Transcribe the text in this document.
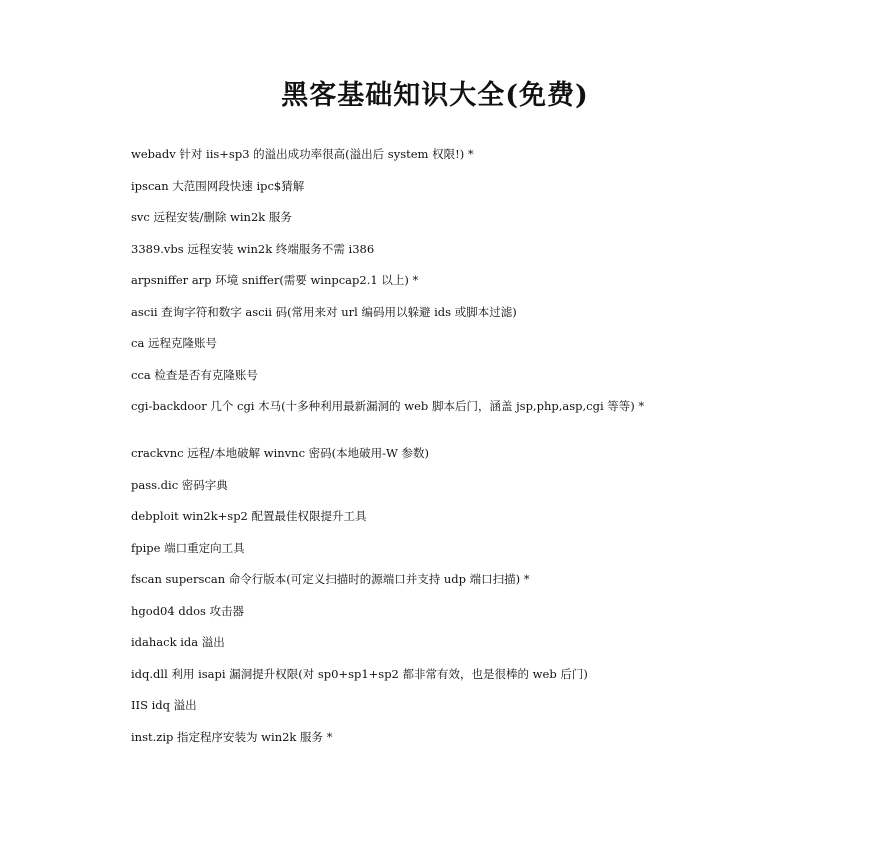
黑客基础知识大全(免费)
webadv 针对 iis+sp3 的溢出成功率很高(溢出后 system 权限!) *
ipscan 大范围网段快速 ipc$猜解
svc 远程安装/删除 win2k 服务
3389.vbs 远程安装 win2k 终端服务不需 i386
arpsniffer arp 环境 sniffer(需要 winpcap2.1 以上) *
ascii 查询字符和数字 ascii 码(常用来对 url 编码用以躲避 ids 或脚本过滤)
ca 远程克隆账号
cca 检查是否有克隆账号
cgi-backdoor 几个 cgi 木马(十多种利用最新漏洞的 web 脚本后门，涵盖 jsp,php,asp,cgi 等等) *
crackvnc 远程/本地破解 winvnc 密码(本地破用-W 参数)
pass.dic 密码字典
debploit win2k+sp2 配置最佳权限提升工具
fpipe 端口重定向工具
fscan superscan 命令行版本(可定义扫描时的源端口并支持 udp 端口扫描) *
hgod04 ddos 攻击器
idahack ida 溢出
idq.dll 利用 isapi 漏洞提升权限(对 sp0+sp1+sp2 都非常有效，也是很棒的 web 后门)
IIS idq 溢出
inst.zip 指定程序安装为 win2k 服务 *
